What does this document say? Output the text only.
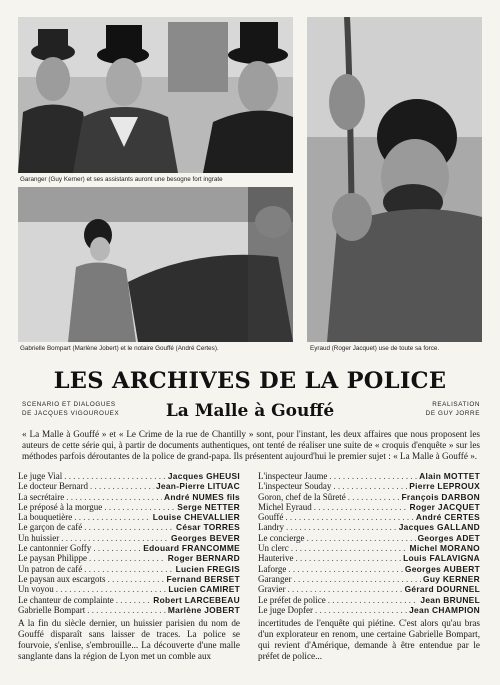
Garanger (Guy Kerner) et ses assistants auront une besogne fort ingrate
Gabrielle Bompart (Marlène Jobert) et le notaire Gouffé (André Certes).	Eyraud (Roger Jacquet) use de toute sa force.
LES ARCHIVES DE LA POLICE
SCENARIO ET DIALOGUES
DE JACQUES VIGOUROUEX	La Malle à Gouffé	REALISATION
DE GUY JORRE
« La Malle à Gouffé » et « Le Crime de la rue de Chantilly » sont, pour l'instant, les deux affaires que nous proposent les auteurs de cette série qui, à partir de documents authentiques, ont tenté de réaliser une suite de « croquis d'enquête » sur les méthodes parfois déroutantes de la police de grand-papa. Ils présentent aujourd'hui le premier sujet : « La Malle à Gouffé ».
Le juge Vial . . .	Jacques GHEUSI
Le docteur Bernard . . .	Jean-Pierre LITUAC
La secrétaire . . .	André NUMES fils
Le préposé à la morgue . . .	Serge NETTER
La bouquetière . . .	Louise CHEVALLIER
Le garçon de café . . .	César TORRES
Un huissier . . .	Georges BEVER
Le cantonnier Goffy . . .	Edouard FRANCOMME
Le paysan Philippe . . .	Roger BERNARD
Un patron de café . . .	Lucien FREGIS
Le paysan aux escargots . . .	Fernand BERSET
Un voyou . . .	Lucien CAMIRET
Le chanteur de complainte . . .	Robert LARCEBEAU
Gabrielle Bompart . . .	Marlène JOBERT
L'inspecteur Jaume . . .	Alain MOTTET
L'inspecteur Souday . . .	Pierre LEPROUX
Goron, chef de la Sûreté . . .	François DARBON
Michel Eyraud . . .	Roger JACQUET
Gouffé . . .	André CERTES
Landry . . .	Jacques GALLAND
Le concierge . . .	Georges ADET
Un clerc . . .	Michel MORANO
Hauterive . . .	Louis FALAVIGNA
Laforge . . .	Georges AUBERT
Garanger . . .	Guy KERNER
Gravier . . .	Gérard DOURNEL
Le préfet de police . . .	Jean BRUNEL
Le juge Dopfer . . .	Jean CHAMPION
A la fin du siècle dernier, un huissier parisien du nom de Gouffé disparaît sans laisser de traces. La police se fourvoie, s'enlise, s'embrouille... La découverte d'une malle sanglante dans la région de Lyon met un comble aux
incertitudes de l'enquête qui piétine. C'est alors qu'au bras d'un explorateur en renom, une certaine Gabrielle Bompart, qui revient d'Amérique, demande à être entendue par le préfet de police...
